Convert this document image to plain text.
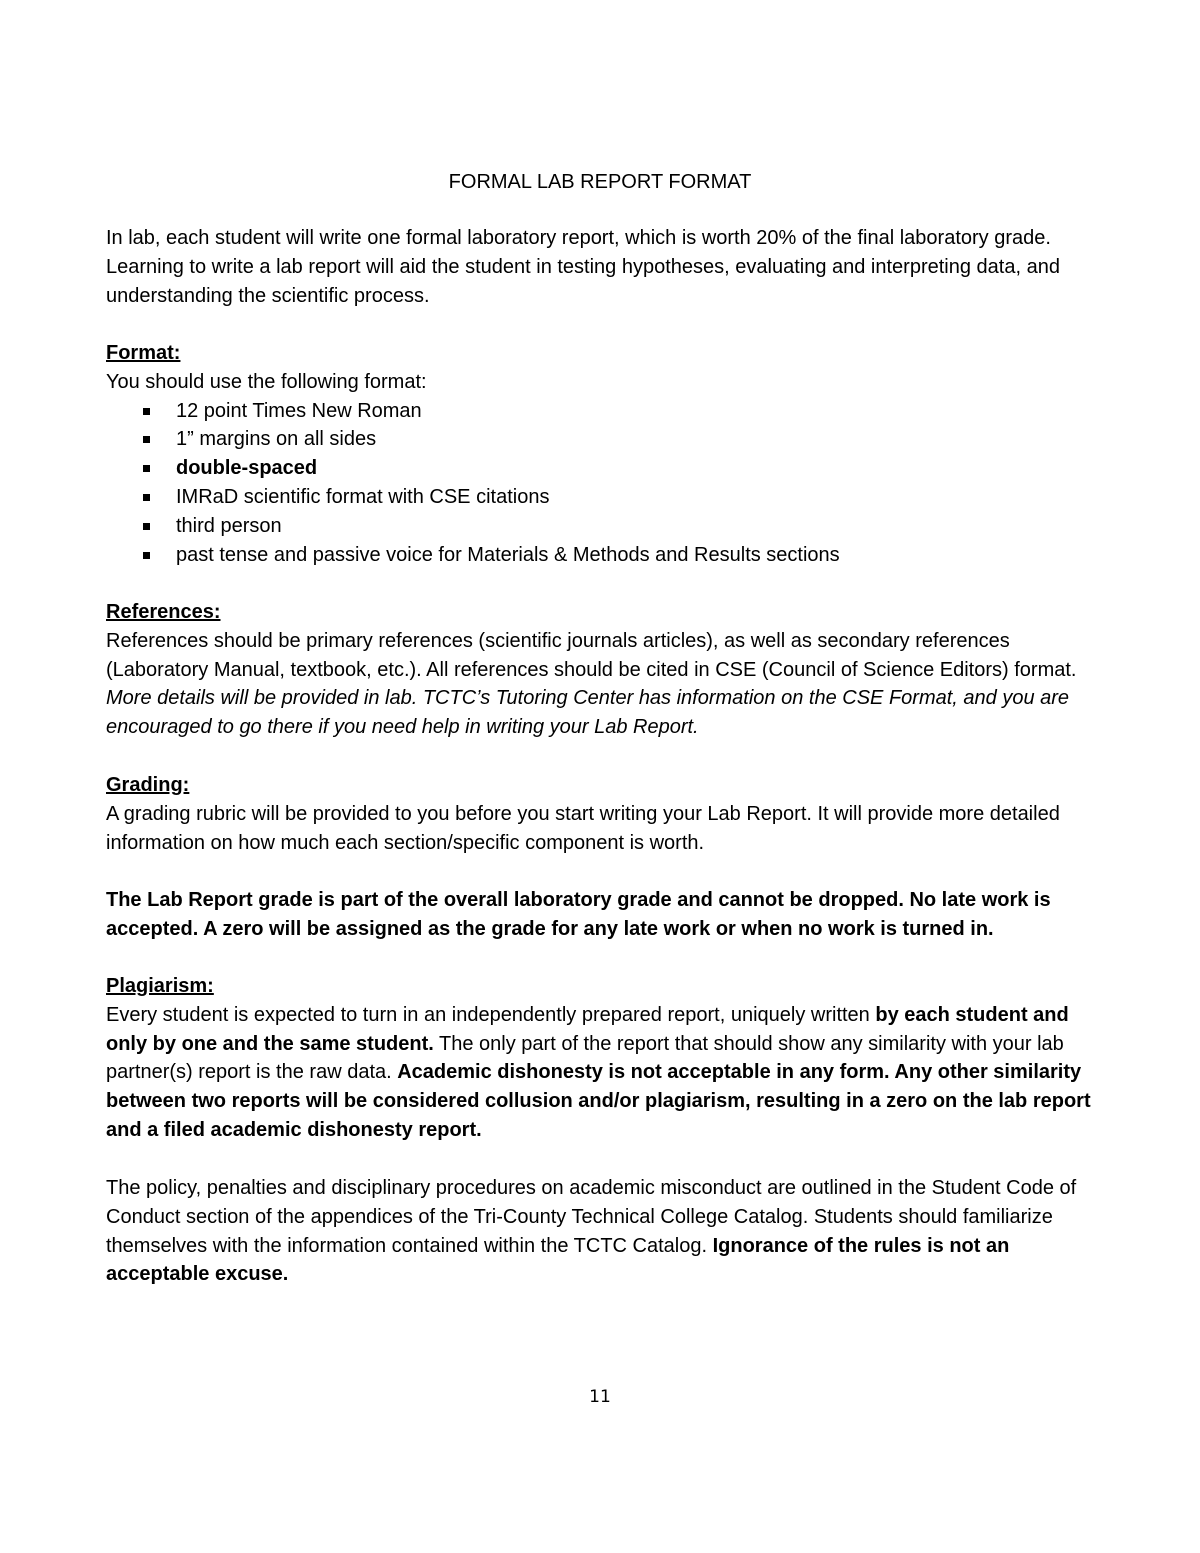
FORMAL LAB REPORT FORMAT
In lab, each student will write one formal laboratory report, which is worth 20% of the final laboratory grade. Learning to write a lab report will aid the student in testing hypotheses, evaluating and interpreting data, and understanding the scientific process.
Format:
You should use the following format:
12 point Times New Roman
1” margins on all sides
double-spaced
IMRaD scientific format with CSE citations
third person
past tense and passive voice for Materials & Methods and Results sections
References:
References should be primary references (scientific journals articles), as well as secondary references (Laboratory Manual, textbook, etc.). All references should be cited in CSE (Council of Science Editors) format. More details will be provided in lab. TCTC’s Tutoring Center has information on the CSE Format, and you are encouraged to go there if you need help in writing your Lab Report.
Grading:
A grading rubric will be provided to you before you start writing your Lab Report. It will provide more detailed information on how much each section/specific component is worth.
The Lab Report grade is part of the overall laboratory grade and cannot be dropped. No late work is accepted. A zero will be assigned as the grade for any late work or when no work is turned in.
Plagiarism:
Every student is expected to turn in an independently prepared report, uniquely written by each student and only by one and the same student. The only part of the report that should show any similarity with your lab partner(s) report is the raw data. Academic dishonesty is not acceptable in any form. Any other similarity between two reports will be considered collusion and/or plagiarism, resulting in a zero on the lab report and a filed academic dishonesty report.
The policy, penalties and disciplinary procedures on academic misconduct are outlined in the Student Code of Conduct section of the appendices of the Tri-County Technical College Catalog. Students should familiarize themselves with the information contained within the TCTC Catalog. Ignorance of the rules is not an acceptable excuse.
11
